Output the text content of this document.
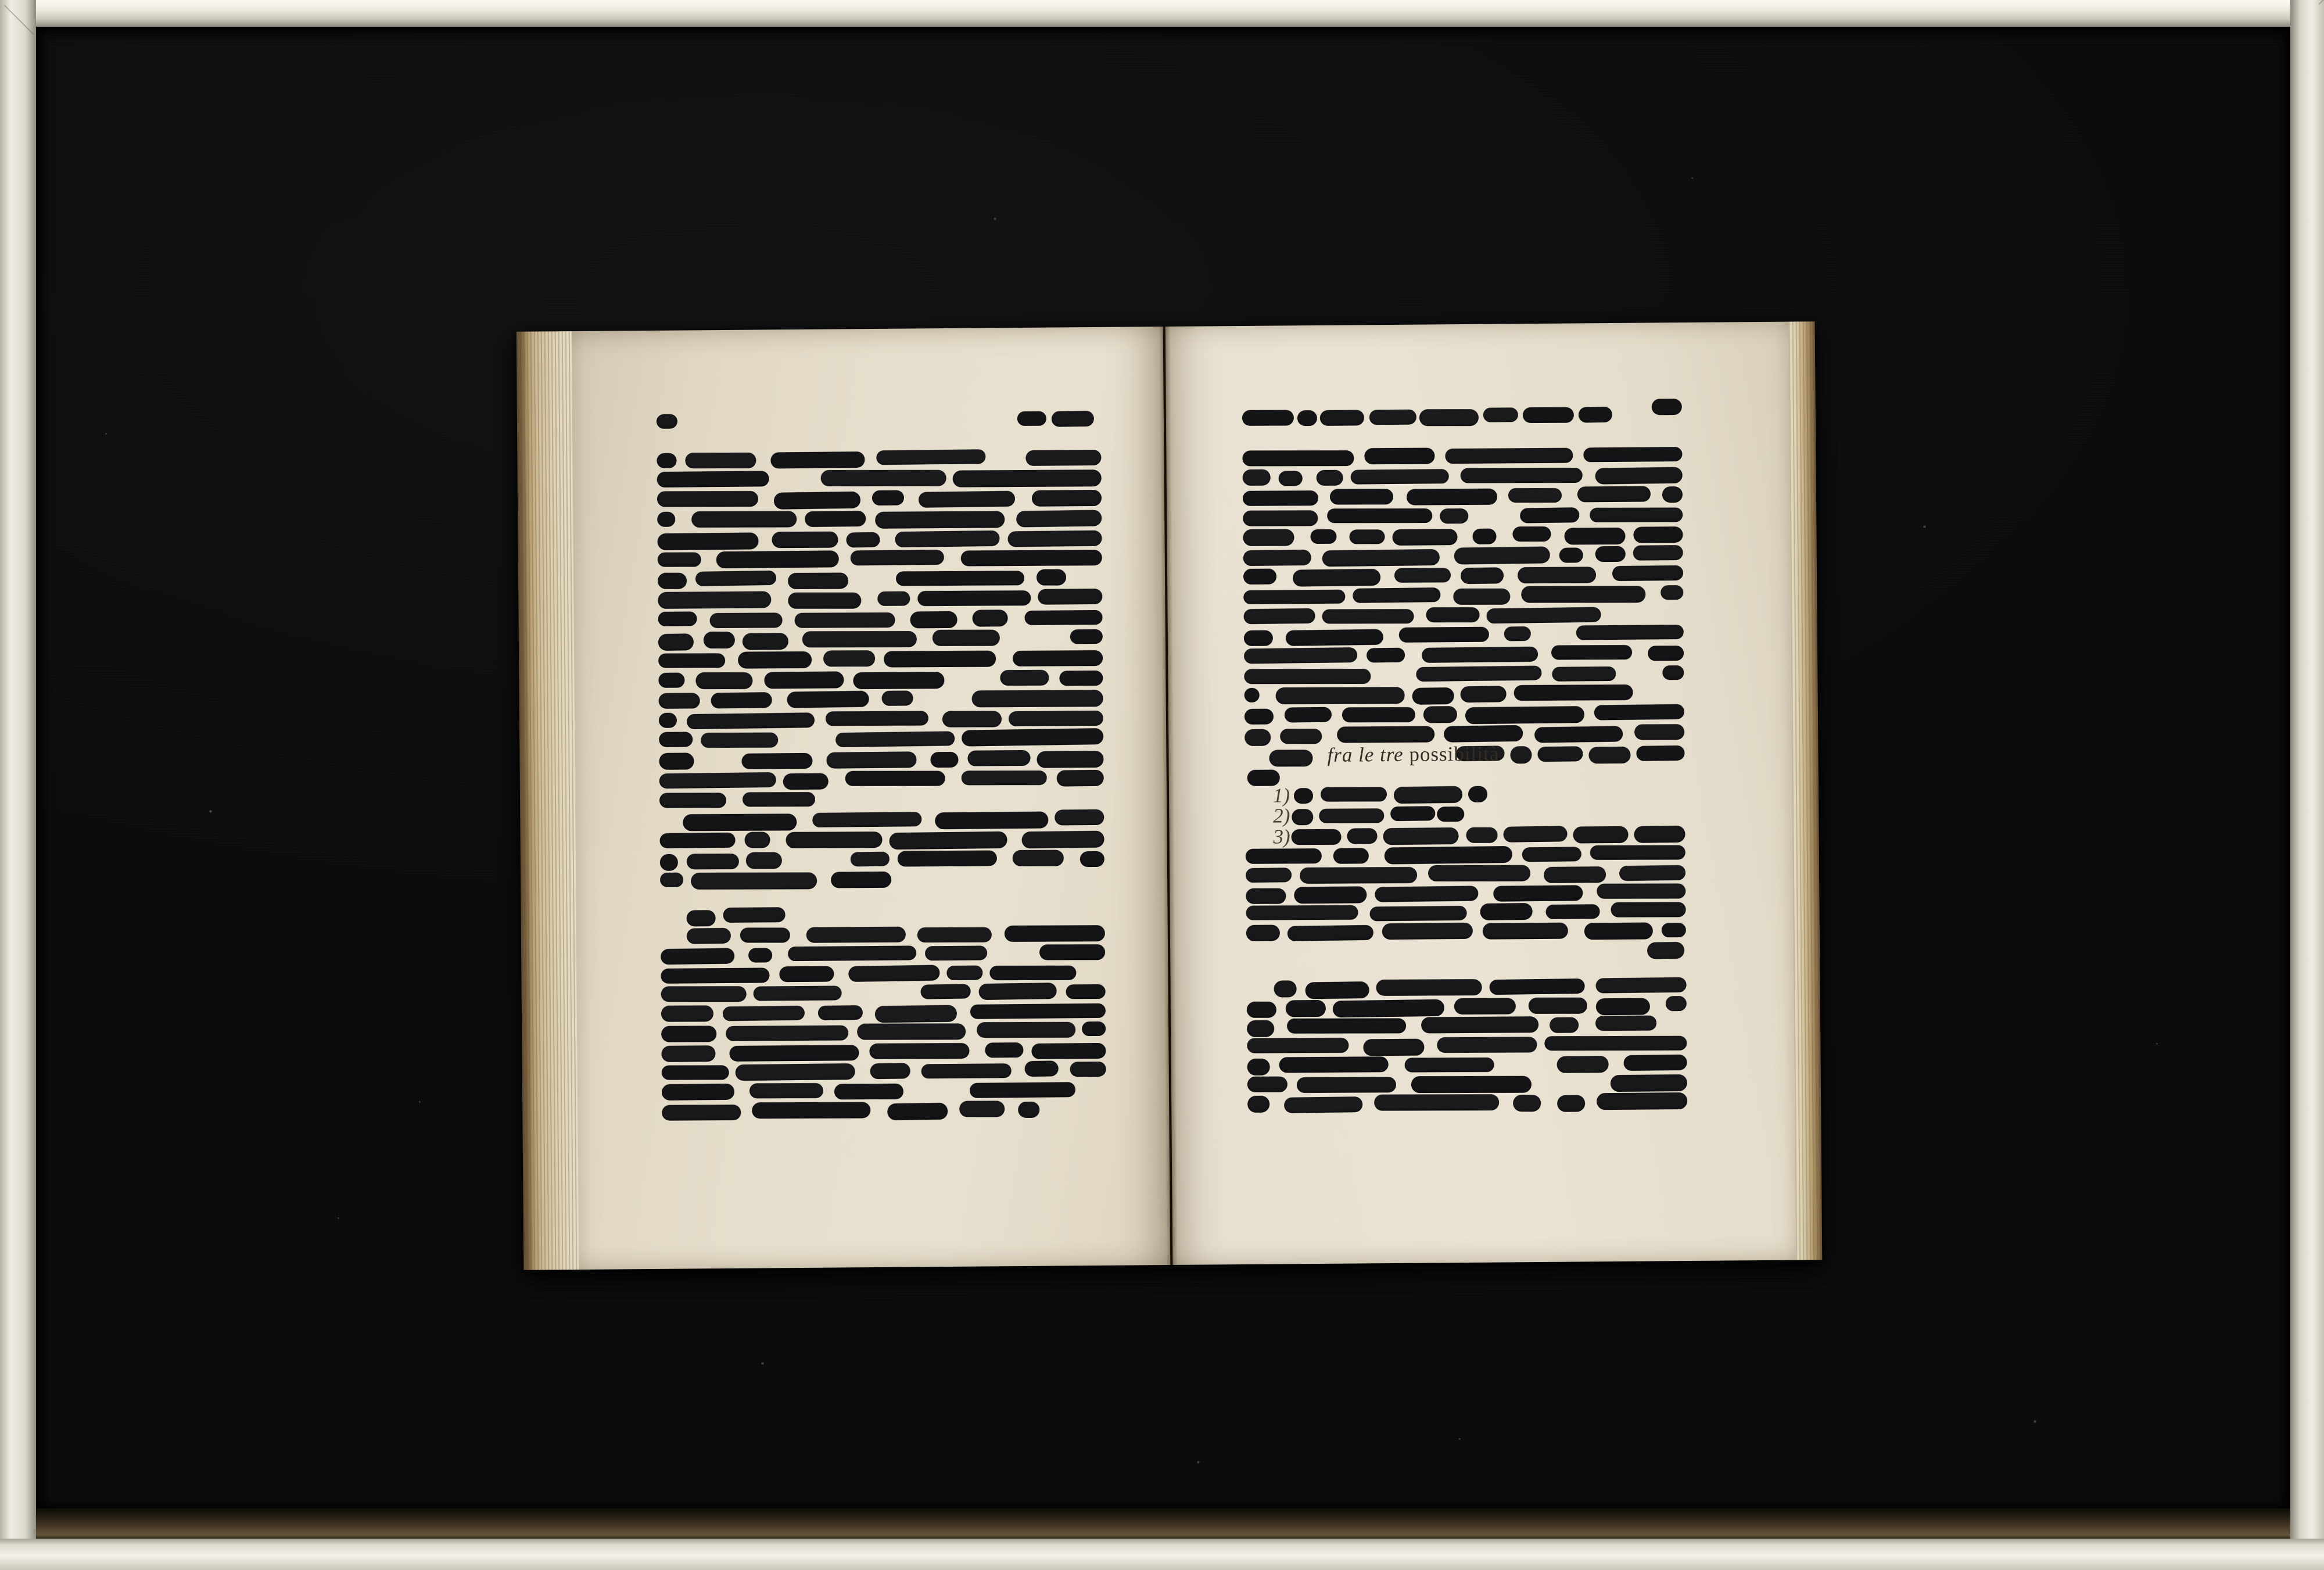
fra le tre possibilità
1)
2)
3)
